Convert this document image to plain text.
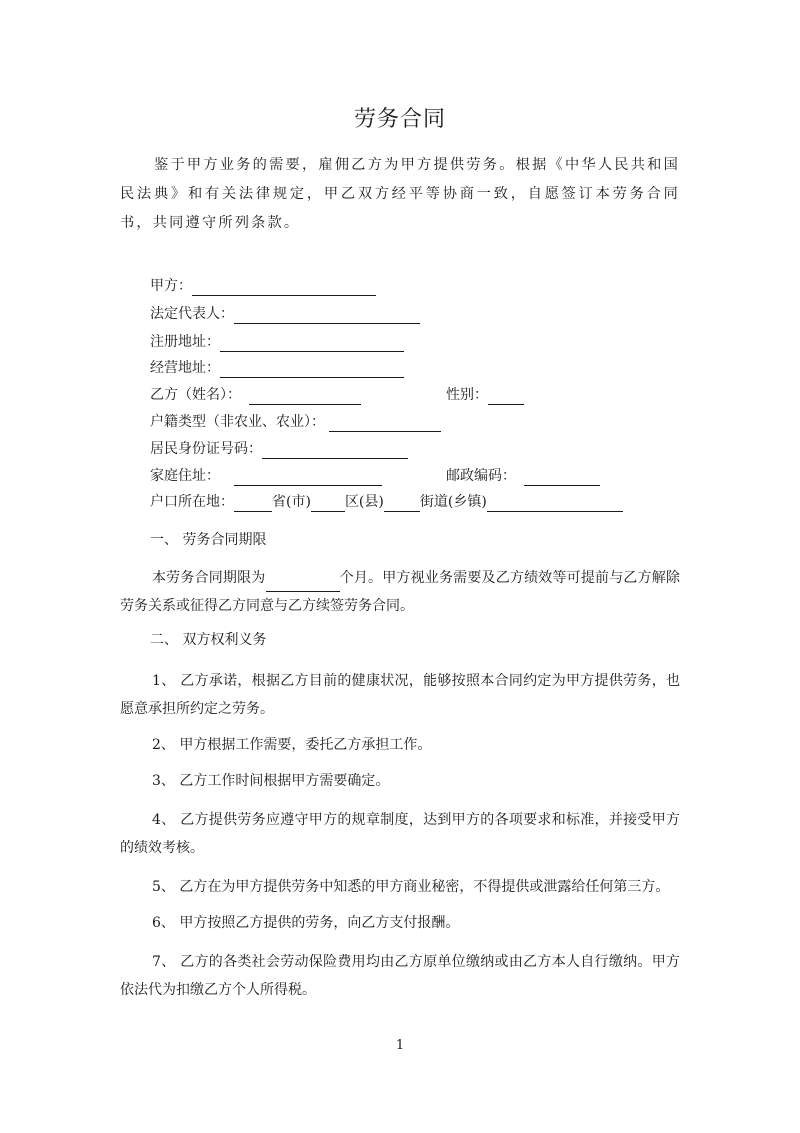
劳务合同

鉴于甲方业务的需要，雇佣乙方为甲方提供劳务。根据《中华人民共和国民法典》和有关法律规定，甲乙双方经平等协商一致，自愿签订本劳务合同书，共同遵守所列条款。

甲方：
法定代表人：
注册地址：
经营地址：
乙方（姓名）：	性别：
户籍类型（非农业、农业）：
居民身份证号码：
家庭住址：	邮政编码：
户口所在地：	省(市) 区(县)	街道(乡镇)
一、 劳务合同期限

本劳务合同期限为	个月。甲方视业务需要及乙方绩效等可提前与乙方解除劳务关系或征得乙方同意与乙方续签劳务合同。

二、 双方权利义务

1、 乙方承诺，根据乙方目前的健康状况，能够按照本合同约定为甲方提供劳务，也愿意承担所约定之劳务。

2、 甲方根据工作需要，委托乙方承担工作。

3、 乙方工作时间根据甲方需要确定。

4、 乙方提供劳务应遵守甲方的规章制度，达到甲方的各项要求和标准，并接受甲方的绩效考核。

5、 乙方在为甲方提供劳务中知悉的甲方商业秘密，不得提供或泄露给任何第三方。

6、 甲方按照乙方提供的劳务，向乙方支付报酬。

7、 乙方的各类社会劳动保险费用均由乙方原单位缴纳或由乙方本人自行缴纳。甲方依法代为扣缴乙方个人所得税。

1
